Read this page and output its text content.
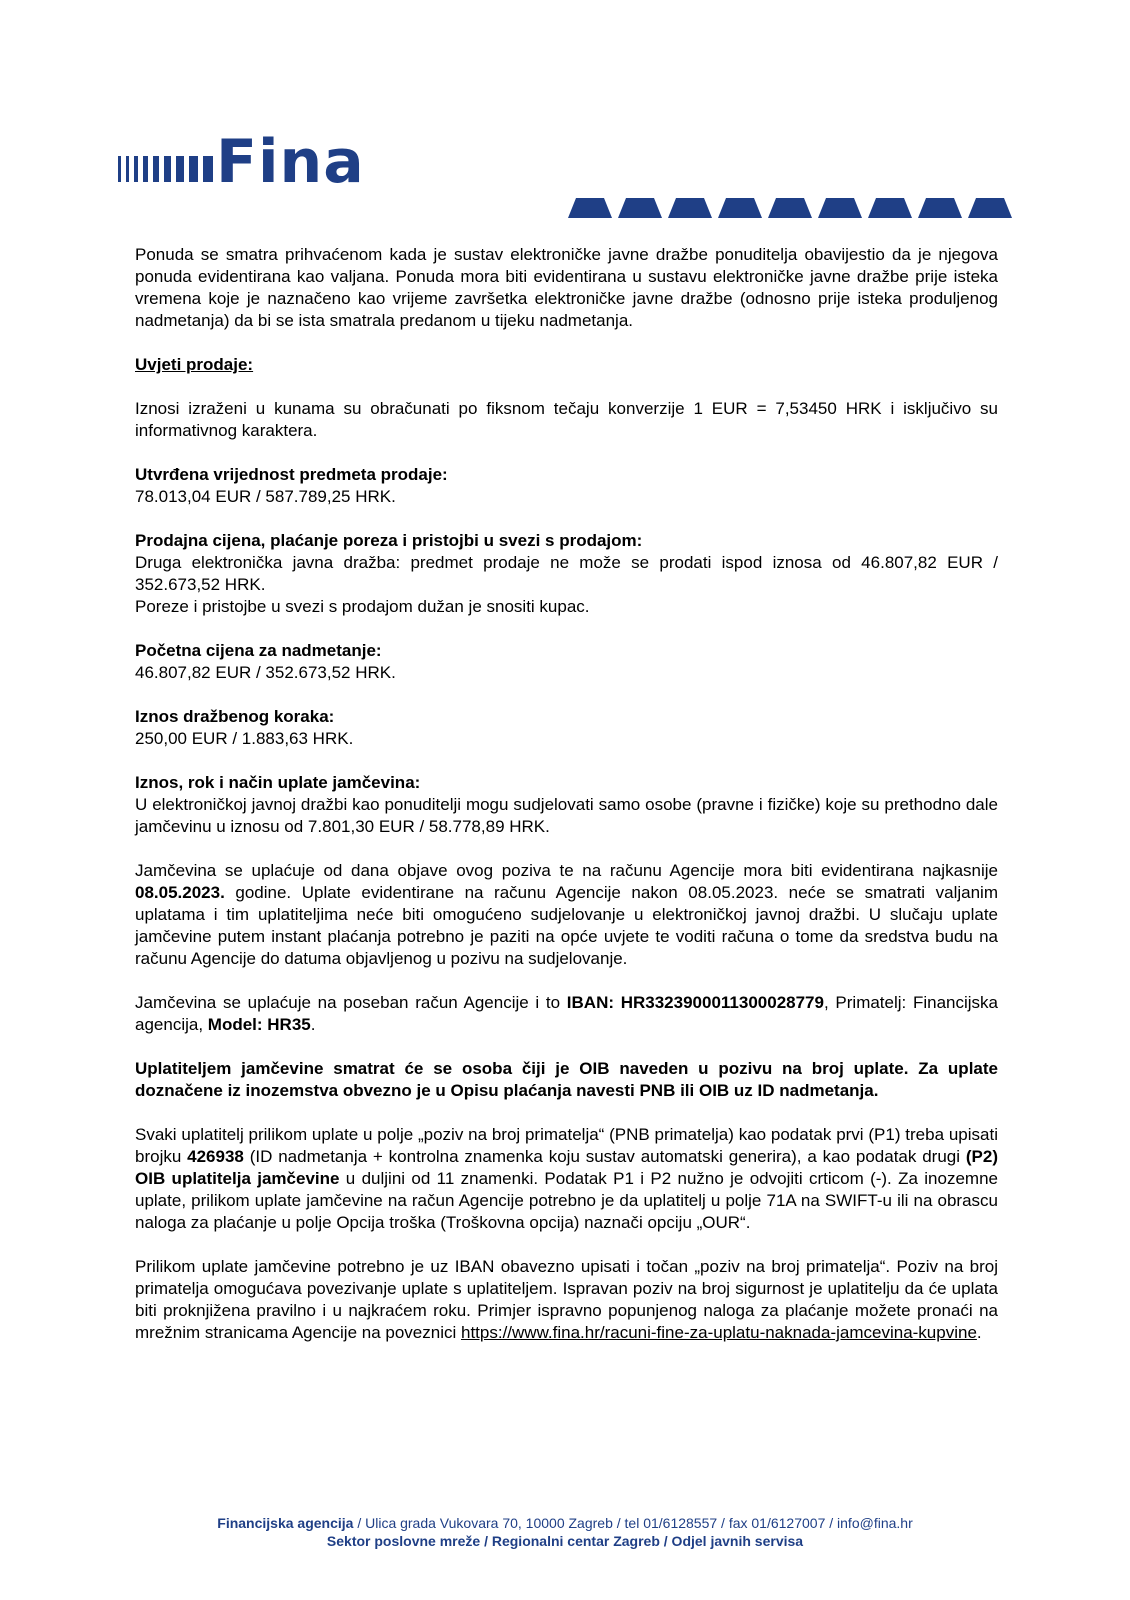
Fina

Ponuda se smatra prihvaćenom kada je sustav elektroničke javne dražbe ponuditelja obavijestio da je njegova ponuda evidentirana kao valjana. Ponuda mora biti evidentirana u sustavu elektroničke javne dražbe prije isteka vremena koje je naznačeno kao vrijeme završetka elektroničke javne dražbe (odnosno prije isteka produljenog nadmetanja) da bi se ista smatrala predanom u tijeku nadmetanja.

Uvjeti prodaje:

Iznosi izraženi u kunama su obračunati po fiksnom tečaju konverzije 1 EUR = 7,53450 HRK i isključivo su informativnog karaktera.

Utvrđena vrijednost predmeta prodaje:

78.013,04 EUR / 587.789,25 HRK.

Prodajna cijena, plaćanje poreza i pristojbi u svezi s prodajom:

Druga elektronička javna dražba: predmet prodaje ne može se prodati ispod iznosa od 46.807,82 EUR / 352.673,52 HRK.

Poreze i pristojbe u svezi s prodajom dužan je snositi kupac.

Početna cijena za nadmetanje:

46.807,82 EUR / 352.673,52 HRK.

Iznos dražbenog koraka:

250,00 EUR / 1.883,63 HRK.

Iznos, rok i način uplate jamčevina:

U elektroničkoj javnoj dražbi kao ponuditelji mogu sudjelovati samo osobe (pravne i fizičke) koje su prethodno dale jamčevinu u iznosu od 7.801,30 EUR / 58.778,89 HRK.

Jamčevina se uplaćuje od dana objave ovog poziva te na računu Agencije mora biti evidentirana najkasnije 08.05.2023. godine. Uplate evidentirane na računu Agencije nakon 08.05.2023. neće se smatrati valjanim uplatama i tim uplatiteljima neće biti omogućeno sudjelovanje u elektroničkoj javnoj dražbi. U slučaju uplate jamčevine putem instant plaćanja potrebno je paziti na opće uvjete te voditi računa o tome da sredstva budu na računu Agencije do datuma objavljenog u pozivu na sudjelovanje.

Jamčevina se uplaćuje na poseban račun Agencije i to IBAN: HR3323900011300028779, Primatelj: Financijska agencija, Model: HR35.

Uplatiteljem jamčevine smatrat će se osoba čiji je OIB naveden u pozivu na broj uplate. Za uplate doznačene iz inozemstva obvezno je u Opisu plaćanja navesti PNB ili OIB uz ID nadmetanja.

Svaki uplatitelj prilikom uplate u polje „poziv na broj primatelja“ (PNB primatelja) kao podatak prvi (P1) treba upisati brojku 426938 (ID nadmetanja + kontrolna znamenka koju sustav automatski generira), a kao podatak drugi (P2) OIB uplatitelja jamčevine u duljini od 11 znamenki. Podatak P1 i P2 nužno je odvojiti crticom (-). Za inozemne uplate, prilikom uplate jamčevine na račun Agencije potrebno je da uplatitelj u polje 71A na SWIFT-u ili na obrascu naloga za plaćanje u polje Opcija troška (Troškovna opcija) naznači opciju „OUR“.

Prilikom uplate jamčevine potrebno je uz IBAN obavezno upisati i točan „poziv na broj primatelja“. Poziv na broj primatelja omogućava povezivanje uplate s uplatiteljem. Ispravan poziv na broj sigurnost je uplatitelju da će uplata biti proknjižena pravilno i u najkraćem roku. Primjer ispravno popunjenog naloga za plaćanje možete pronaći na mrežnim stranicama Agencije na poveznici https://www.fina.hr/racuni-fine-za-uplatu-naknada-jamcevina-kupvine.

Financijska agencija / Ulica grada Vukovara 70, 10000 Zagreb / tel 01/6128557 / fax 01/6127007 / info@fina.hr
Sektor poslovne mreže / Regionalni centar Zagreb / Odjel javnih servisa
